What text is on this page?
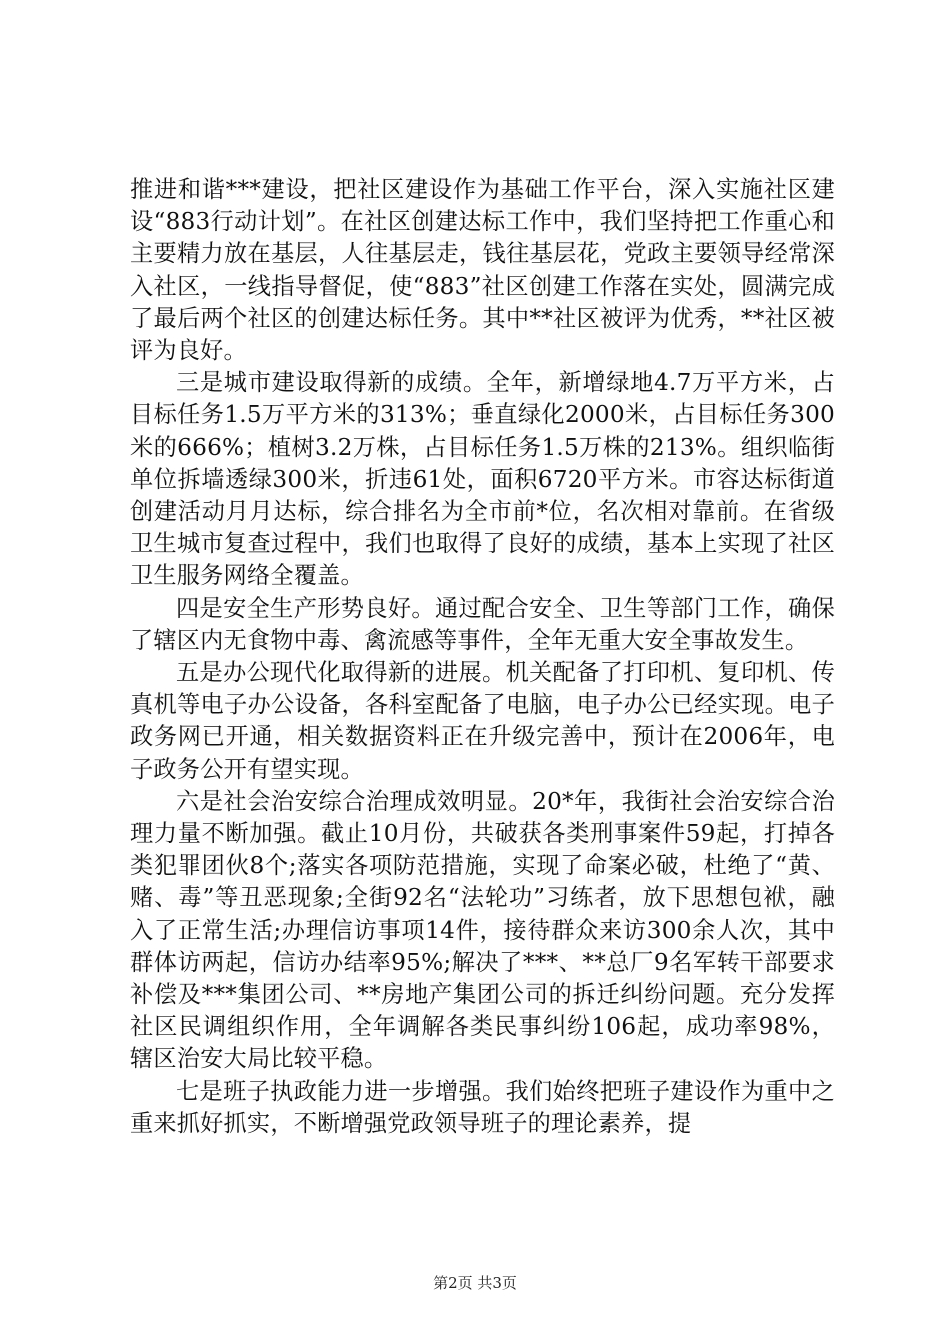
推进和谐***建设，把社区建设作为基础工作平台，深入实施社区建设“883行动计划”。在社区创建达标工作中，我们坚持把工作重心和主要精力放在基层，人往基层走，钱往基层花，党政主要领导经常深入社区，一线指导督促，使“883”社区创建工作落在实处，圆满完成了最后两个社区的创建达标任务。其中**社区被评为优秀，**社区被评为良好。

三是城市建设取得新的成绩。全年，新增绿地4.7万平方米，占目标任务1.5万平方米的313%；垂直绿化2000米，占目标任务300米的666%；植树3.2万株，占目标任务1.5万株的213%。组织临街单位拆墙透绿300米，折违61处，面积6720平方米。市容达标街道创建活动月月达标，综合排名为全市前*位，名次相对靠前。在省级卫生城市复查过程中，我们也取得了良好的成绩，基本上实现了社区卫生服务网络全覆盖。

四是安全生产形势良好。通过配合安全、卫生等部门工作，确保了辖区内无食物中毒、禽流感等事件，全年无重大安全事故发生。

五是办公现代化取得新的进展。机关配备了打印机、复印机、传真机等电子办公设备，各科室配备了电脑，电子办公已经实现。电子政务网已开通，相关数据资料正在升级完善中，预计在2006年，电子政务公开有望实现。

六是社会治安综合治理成效明显。20*年，我街社会治安综合治理力量不断加强。截止10月份，共破获各类刑事案件59起，打掉各类犯罪团伙8个;落实各项防范措施，实现了命案必破，杜绝了“黄、赌、毒”等丑恶现象;全街92名“法轮功”习练者，放下思想包袱，融入了正常生活;办理信访事项14件，接待群众来访300余人次，其中群体访两起，信访办结率95%;解决了***、**总厂9名军转干部要求补偿及***集团公司、**房地产集团公司的拆迁纠纷问题。充分发挥社区民调组织作用，全年调解各类民事纠纷106起，成功率98%，辖区治安大局比较平稳。

七是班子执政能力进一步增强。我们始终把班子建设作为重中之重来抓好抓实，不断增强党政领导班子的理论素养，提

第2页 共3页
